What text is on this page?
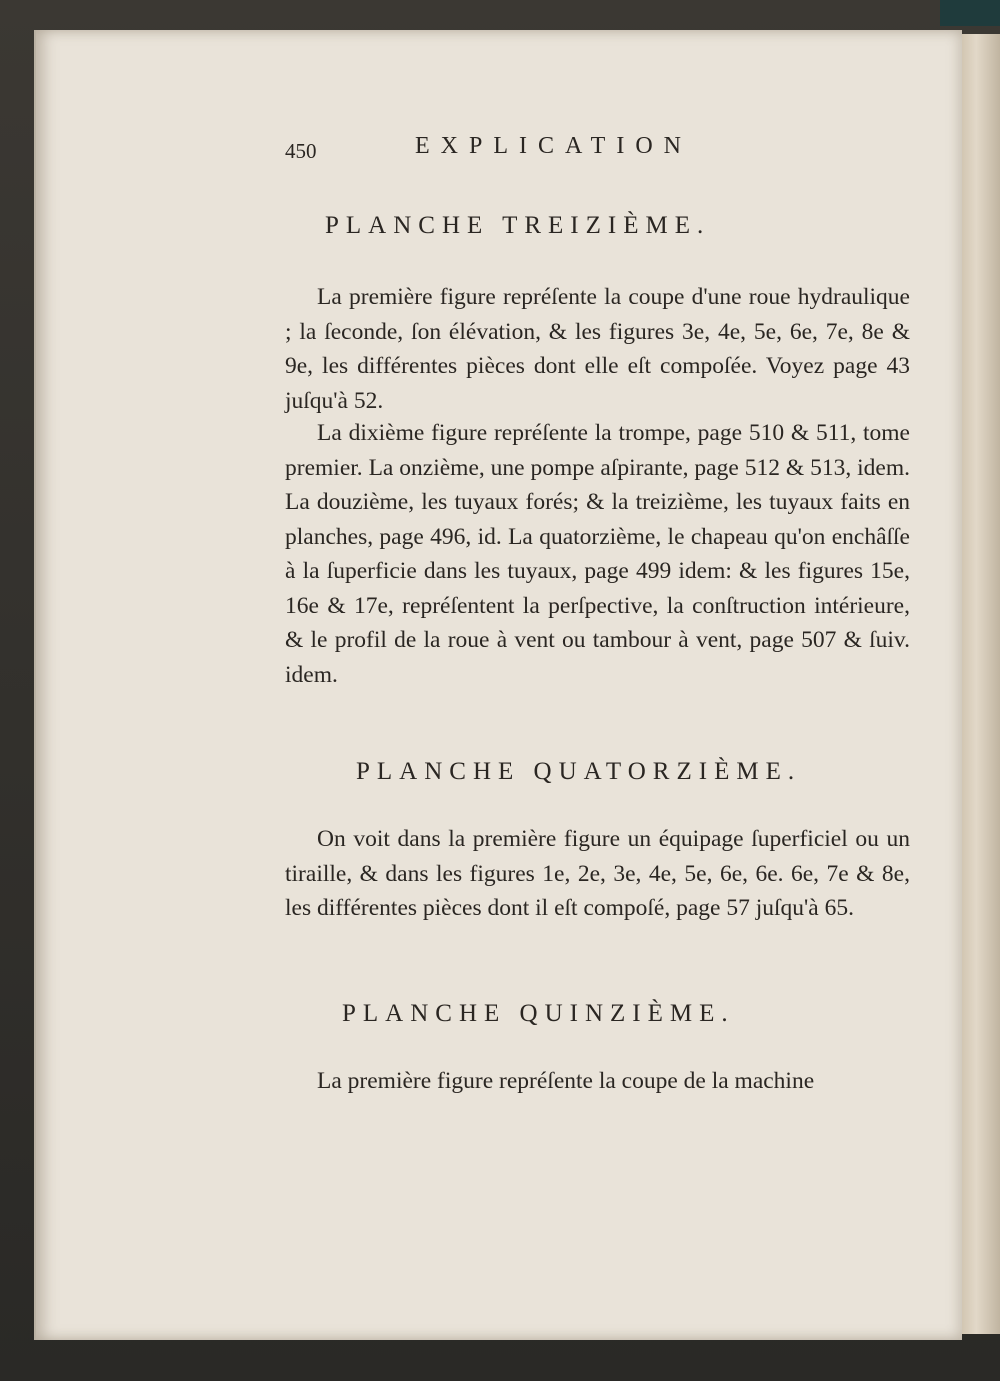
450	EXPLICATION
PLANCHE TREIZIÈME.
La première figure repréſente la coupe d'une roue hydraulique ; la ſeconde, ſon élévation, & les figures 3e, 4e, 5e, 6e, 7e, 8e & 9e, les différentes pièces dont elle eſt compoſée. Voyez page 43 juſqu'à 52.
La dixième figure repréſente la trompe, page 510 & 511, tome premier. La onzième, une pompe aſpirante, page 512 & 513, idem. La douzième, les tuyaux forés; & la treizième, les tuyaux faits en planches, page 496, id. La quatorzième, le chapeau qu'on enchâſſe à la ſuperficie dans les tuyaux, page 499 idem: & les figures 15e, 16e & 17e, repréſentent la perſpective, la conſtruction intérieure, & le profil de la roue à vent ou tambour à vent, page 507 & ſuiv. idem.
PLANCHE QUATORZIÈME.
On voit dans la première figure un équipage ſuperficiel ou un tiraille, & dans les figures 1e, 2e, 3e, 4e, 5e, 6e, 6e. 6e, 7e & 8e, les différentes pièces dont il eſt compoſé, page 57 juſqu'à 65.
PLANCHE QUINZIÈME.
La première figure repréſente la coupe de la machine
